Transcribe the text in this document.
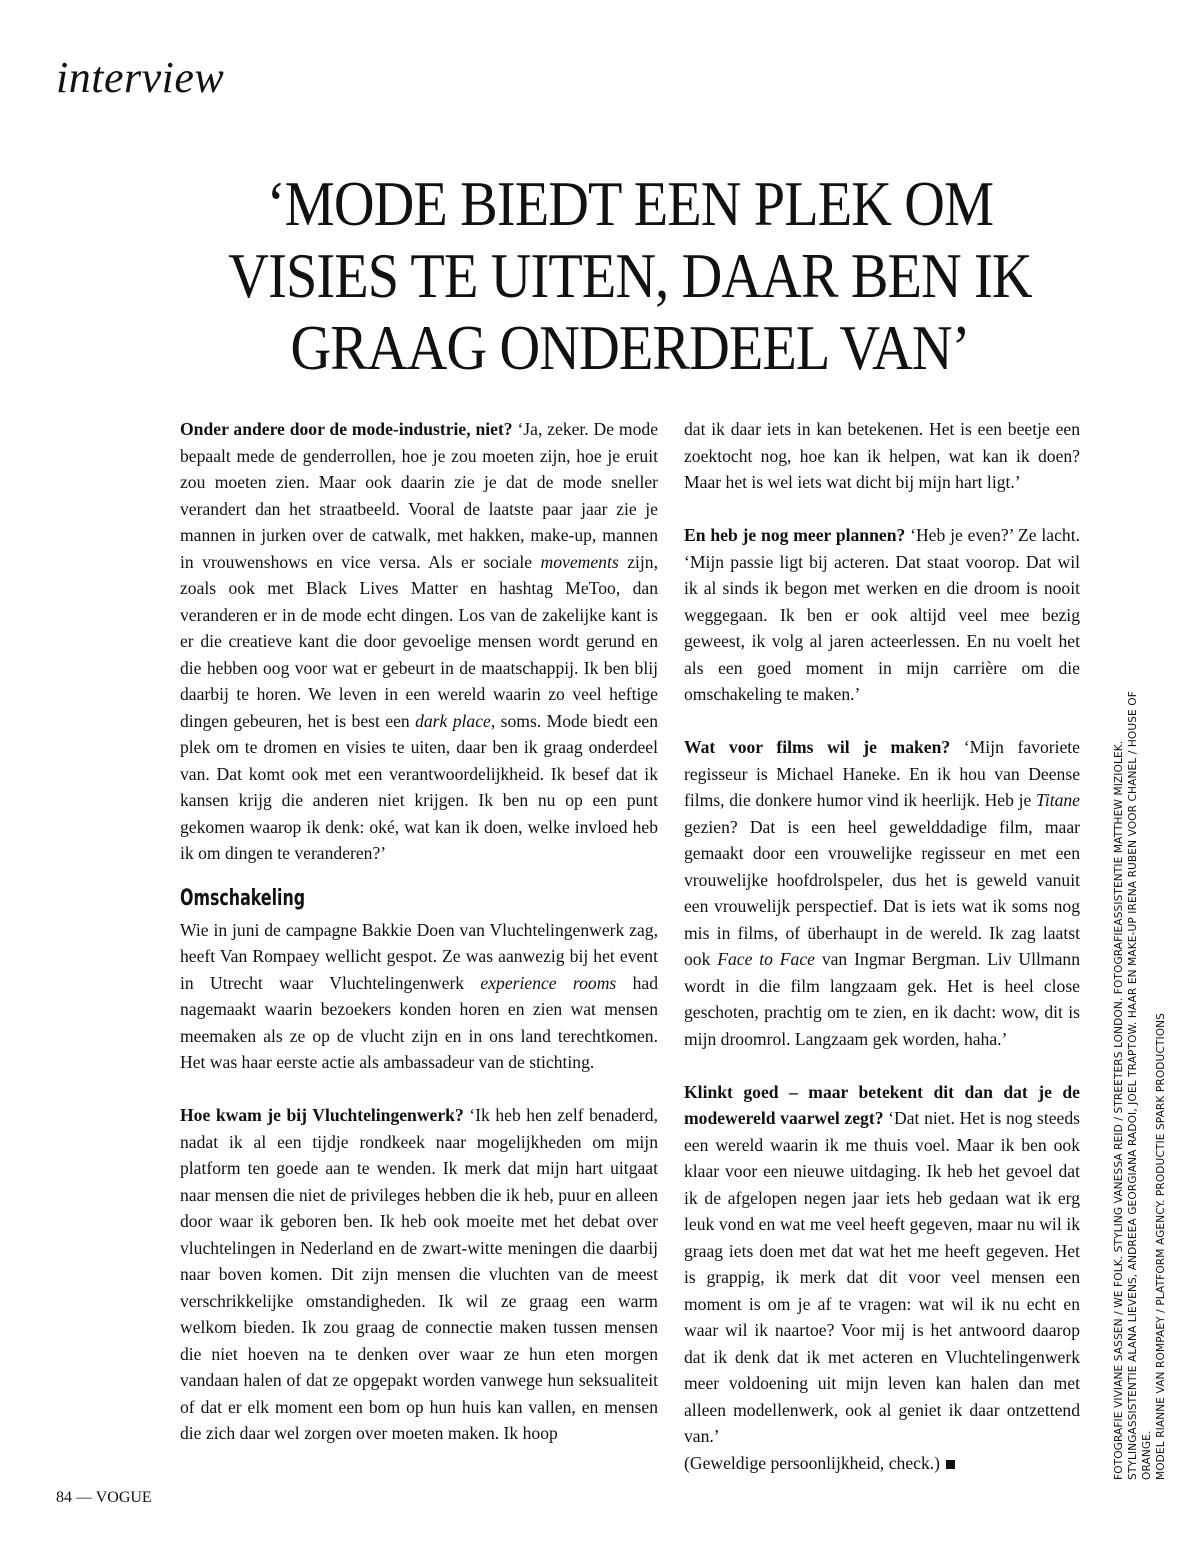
interview
‘MODE BIEDT EEN PLEK OM VISIES TE UITEN, DAAR BEN IK GRAAG ONDERDEEL VAN’

Onder andere door de mode-industrie, niet? ‘Ja, zeker. De mode bepaalt mede de genderrollen, hoe je zou moeten zijn, hoe je eruit zou moeten zien. Maar ook daarin zie je dat de mode sneller verandert dan het straatbeeld. Vooral de laatste paar jaar zie je mannen in jurken over de catwalk, met hakken, make-up, mannen in vrouwenshows en vice versa. Als er sociale movements zijn, zoals ook met Black Lives Matter en hashtag MeToo, dan veranderen er in de mode echt dingen. Los van de zakelijke kant is er die creatieve kant die door gevoelige mensen wordt gerund en die hebben oog voor wat er gebeurt in de maatschappij. Ik ben blij daarbij te horen. We leven in een wereld waarin zo veel heftige dingen gebeuren, het is best een dark place, soms. Mode biedt een plek om te dromen en visies te uiten, daar ben ik graag onderdeel van. Dat komt ook met een verantwoordelijkheid. Ik besef dat ik kansen krijg die anderen niet krijgen. Ik ben nu op een punt gekomen waarop ik denk: oké, wat kan ik doen, welke invloed heb ik om dingen te veranderen?’

Omschakeling

Wie in juni de campagne Bakkie Doen van Vluchtelingenwerk zag, heeft Van Rompaey wellicht gespot. Ze was aanwezig bij het event in Utrecht waar Vluchtelingenwerk experience rooms had nagemaakt waarin bezoekers konden horen en zien wat mensen meemaken als ze op de vlucht zijn en in ons land terechtkomen. Het was haar eerste actie als ambassadeur van de stichting.

Hoe kwam je bij Vluchtelingenwerk? ‘Ik heb hen zelf benaderd, nadat ik al een tijdje rondkeek naar mogelijkheden om mijn platform ten goede aan te wenden. Ik merk dat mijn hart uitgaat naar mensen die niet de privileges hebben die ik heb, puur en alleen door waar ik geboren ben. Ik heb ook moeite met het debat over vluchtelingen in Nederland en de zwart-witte meningen die daarbij naar boven komen. Dit zijn mensen die vluchten van de meest verschrikkelijke omstandigheden. Ik wil ze graag een warm welkom bieden. Ik zou graag de connectie maken tussen mensen die niet hoeven na te denken over waar ze hun eten morgen vandaan halen of dat ze opgepakt worden vanwege hun seksualiteit of dat er elk moment een bom op hun huis kan vallen, en mensen die zich daar wel zorgen over moeten maken. Ik hoop

dat ik daar iets in kan betekenen. Het is een beetje een zoektocht nog, hoe kan ik helpen, wat kan ik doen? Maar het is wel iets wat dicht bij mijn hart ligt.’

En heb je nog meer plannen? ‘Heb je even?’ Ze lacht. ‘Mijn passie ligt bij acteren. Dat staat voorop. Dat wil ik al sinds ik begon met werken en die droom is nooit weggegaan. Ik ben er ook altijd veel mee bezig geweest, ik volg al jaren acteerlessen. En nu voelt het als een goed moment in mijn carrière om die omschakeling te maken.’

Wat voor films wil je maken? ‘Mijn favoriete regisseur is Michael Haneke. En ik hou van Deense films, die donkere humor vind ik heerlijk. Heb je Titane gezien? Dat is een heel gewelddadige film, maar gemaakt door een vrouwelijke regisseur en met een vrouwelijke hoofdrolspeler, dus het is geweld vanuit een vrouwelijk perspectief. Dat is iets wat ik soms nog mis in films, of überhaupt in de wereld. Ik zag laatst ook Face to Face van Ingmar Bergman. Liv Ullmann wordt in die film langzaam gek. Het is heel close geschoten, prachtig om te zien, en ik dacht: wow, dit is mijn droomrol. Langzaam gek worden, haha.’

Klinkt goed – maar betekent dit dan dat je de modewereld vaarwel zegt? ‘Dat niet. Het is nog steeds een wereld waarin ik me thuis voel. Maar ik ben ook klaar voor een nieuwe uitdaging. Ik heb het gevoel dat ik de afgelopen negen jaar iets heb gedaan wat ik erg leuk vond en wat me veel heeft gegeven, maar nu wil ik graag iets doen met dat wat het me heeft gegeven. Het is grappig, ik merk dat dit voor veel mensen een moment is om je af te vragen: wat wil ik nu echt en waar wil ik naartoe? Voor mij is het antwoord daarop dat ik denk dat ik met acteren en Vluchtelingenwerk meer voldoening uit mijn leven kan halen dan met alleen modellenwerk, ook al geniet ik daar ontzettend van.’

(Geweldige persoonlijkheid, check.)	FOTOGRAFIE VIVIANE SASSEN / WE FOLK. STYLING VANESSA REID / STREETERS LONDON. FOTOGRAFIEASSISTENTIE MATTHEW MIZIOLEK. STYLINGASSISTENTIE ALANA LIEVENS, ANDREEA GEORGIANA RADOI, JOEL TRAPTOW. HAAR EN MAKE-UP IRENA RUBEN VOOR CHANEL / HOUSE OF ORANGE. MODEL RIANNE VAN ROMPAEY / PLATFORM AGENCY. PRODUCTIE SPARK PRODUCTIONS
84 — VOGUE
